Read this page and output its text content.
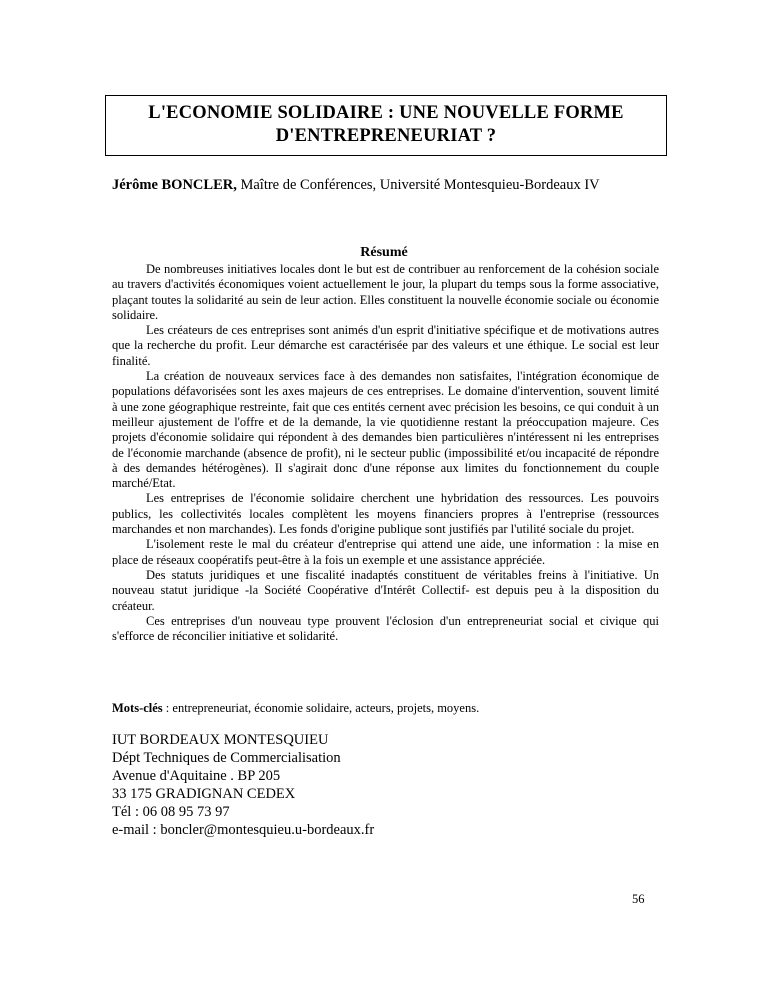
L'ECONOMIE SOLIDAIRE : UNE NOUVELLE FORME
D'ENTREPRENEURIAT ?
Jérôme BONCLER, Maître de Conférences, Université Montesquieu-Bordeaux IV
Résumé

De nombreuses initiatives locales dont le but est de contribuer au renforcement de la cohésion sociale au travers d'activités économiques voient actuellement le jour, la plupart du temps sous la forme associative, plaçant toutes la solidarité au sein de leur action. Elles constituent la nouvelle économie sociale ou économie solidaire.

Les créateurs de ces entreprises sont animés d'un esprit d'initiative spécifique et de motivations autres que la recherche du profit. Leur démarche est caractérisée par des valeurs et une éthique. Le social est leur finalité.

La création de nouveaux services face à des demandes non satisfaites, l'intégration économique de populations défavorisées sont les axes majeurs de ces entreprises. Le domaine d'intervention, souvent limité à une zone géographique restreinte, fait que ces entités cernent avec précision les besoins, ce qui conduit à un meilleur ajustement de l'offre et de la demande, la vie quotidienne restant la préoccupation majeure. Ces projets d'économie solidaire qui répondent à des demandes bien particulières n'intéressent ni les entreprises de l'économie marchande (absence de profit), ni le secteur public (impossibilité et/ou incapacité de répondre à des demandes hétérogènes). Il s'agirait donc d'une réponse aux limites du fonctionnement du couple marché/Etat.

Les entreprises de l'économie solidaire cherchent une hybridation des ressources. Les pouvoirs publics, les collectivités locales complètent les moyens financiers propres à l'entreprise (ressources marchandes et non marchandes). Les fonds d'origine publique sont justifiés par l'utilité sociale du projet.

L'isolement reste le mal du créateur d'entreprise qui attend une aide, une information : la mise en place de réseaux coopératifs peut-être à la fois un exemple et une assistance appréciée.

Des statuts juridiques et une fiscalité inadaptés constituent de véritables freins à l'initiative. Un nouveau statut juridique -la Société Coopérative d'Intérêt Collectif- est depuis peu à la disposition du créateur.

Ces entreprises d'un nouveau type prouvent l'éclosion d'un entrepreneuriat social et civique qui s'efforce de réconcilier initiative et solidarité.

Mots-clés : entrepreneuriat, économie solidaire, acteurs, projets, moyens.
IUT BORDEAUX MONTESQUIEU
Dépt Techniques de Commercialisation
Avenue d'Aquitaine . BP 205
33 175 GRADIGNAN CEDEX
Tél : 06 08 95 73 97
e-mail : boncler@montesquieu.u-bordeaux.fr
56
